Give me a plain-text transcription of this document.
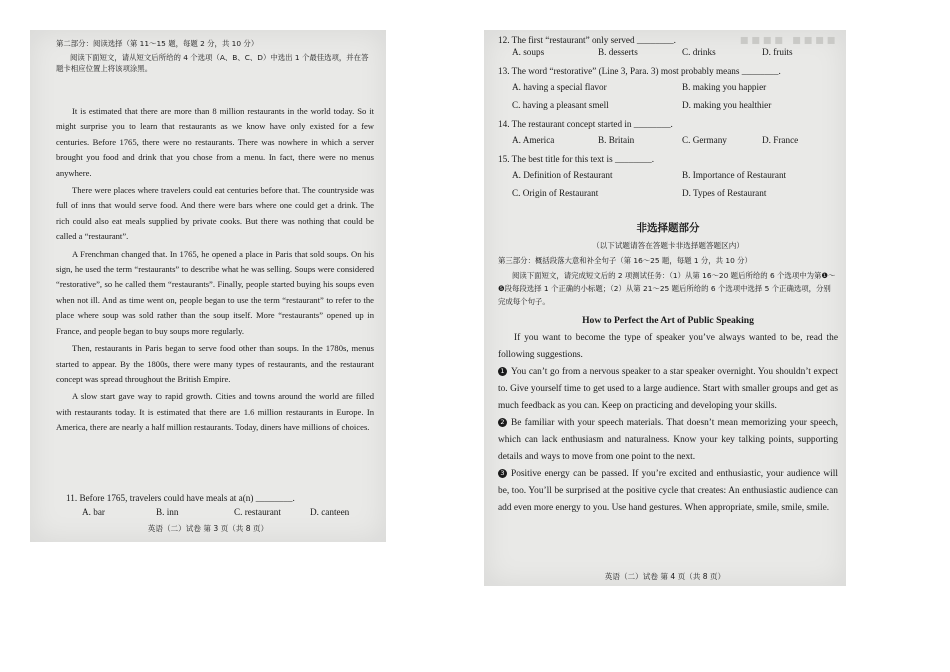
第二部分：阅读选择（第 11～15 题，每题 2 分，共 10 分）
阅读下面短文，请从短文后所给的 4 个选项（A、B、C、D）中选出 1 个最佳选项，并在答题卡相应位置上将该项涂黑。

It is estimated that there are more than 8 million restaurants in the world today. So it might surprise you to learn that restaurants as we know have only existed for a few centuries. Before 1765, there were no restaurants. There was nowhere in which a server brought you food and drink that you chose from a menu. In fact, there were no menus anywhere.

There were places where travelers could eat centuries before that. The countryside was full of inns that would serve food. And there were bars where one could get a drink. The rich could also eat meals supplied by private cooks. But there was nothing that could be called a “restaurant”.

A Frenchman changed that. In 1765, he opened a place in Paris that sold soups. On his sign, he used the term “restaurants” to describe what he was selling. Soups were considered “restorative”, so he called them “restaurants”. Finally, people started buying his soups even when not ill. And as time went on, people began to use the term “restaurant” to refer to the place where soup was sold rather than the soup itself. More “restaurants” opened up in France, and people began to buy soups more regularly.

Then, restaurants in Paris began to serve food other than soups. In the 1780s, menus started to appear. By the 1800s, there were many types of restaurants, and the restaurant concept was spread throughout the British Empire.

A slow start gave way to rapid growth. Cities and towns around the world are filled with restaurants today. It is estimated that there are 1.6 million restaurants in Europe. In America, there are nearly a half million restaurants. Today, diners have millions of choices.

11. Before 1765, travelers could have meals at a(n) ________.
A. bar	B. inn	C. restaurant	D. canteen
英语（二）试卷 第 3 页（共 8 页）
▪▪▪▪ ▪▪▪▪
12. The first “restaurant” only served ________.
A. soups	B. desserts	C. drinks	D. fruits
13. The word “restorative” (Line 3, Para. 3) most probably means ________.
A. having a special flavor	B. making you happier
C. having a pleasant smell	D. making you healthier
14. The restaurant concept started in ________.
A. America	B. Britain	C. Germany	D. France
15. The best title for this text is ________.
A. Definition of Restaurant	B. Importance of Restaurant
C. Origin of Restaurant	D. Types of Restaurant
非选择题部分
（以下试题请答在答题卡非选择题答题区内）
第三部分：概括段落大意和补全句子（第 16～25 题，每题 1 分，共 10 分）
阅读下面短文，请完成短文后的 2 项测试任务：（1）从第 16～20 题后所给的 6 个选项中为第❶～❺段每段选择 1 个正确的小标题；（2）从第 21～25 题后所给的 6 个选项中选择 5 个正确选项，分别完成每个句子。
How to Perfect the Art of Public Speaking

If you want to become the type of speaker you’ve always wanted to be, read the following suggestions.

1 You can’t go from a nervous speaker to a star speaker overnight. You shouldn’t expect to. Give yourself time to get used to a large audience. Start with smaller groups and get as much feedback as you can. Keep on practicing and developing your skills.

2 Be familiar with your speech materials. That doesn’t mean memorizing your speech, which can lack enthusiasm and naturalness. Know your key talking points, supporting details and ways to move from one point to the next.

3 Positive energy can be passed. If you’re excited and enthusiastic, your audience will be, too. You’ll be surprised at the positive cycle that creates: An enthusiastic audience can add even more energy to you. Use hand gestures. When appropriate, smile, smile, smile.

英语（二）试卷 第 4 页（共 8 页）
